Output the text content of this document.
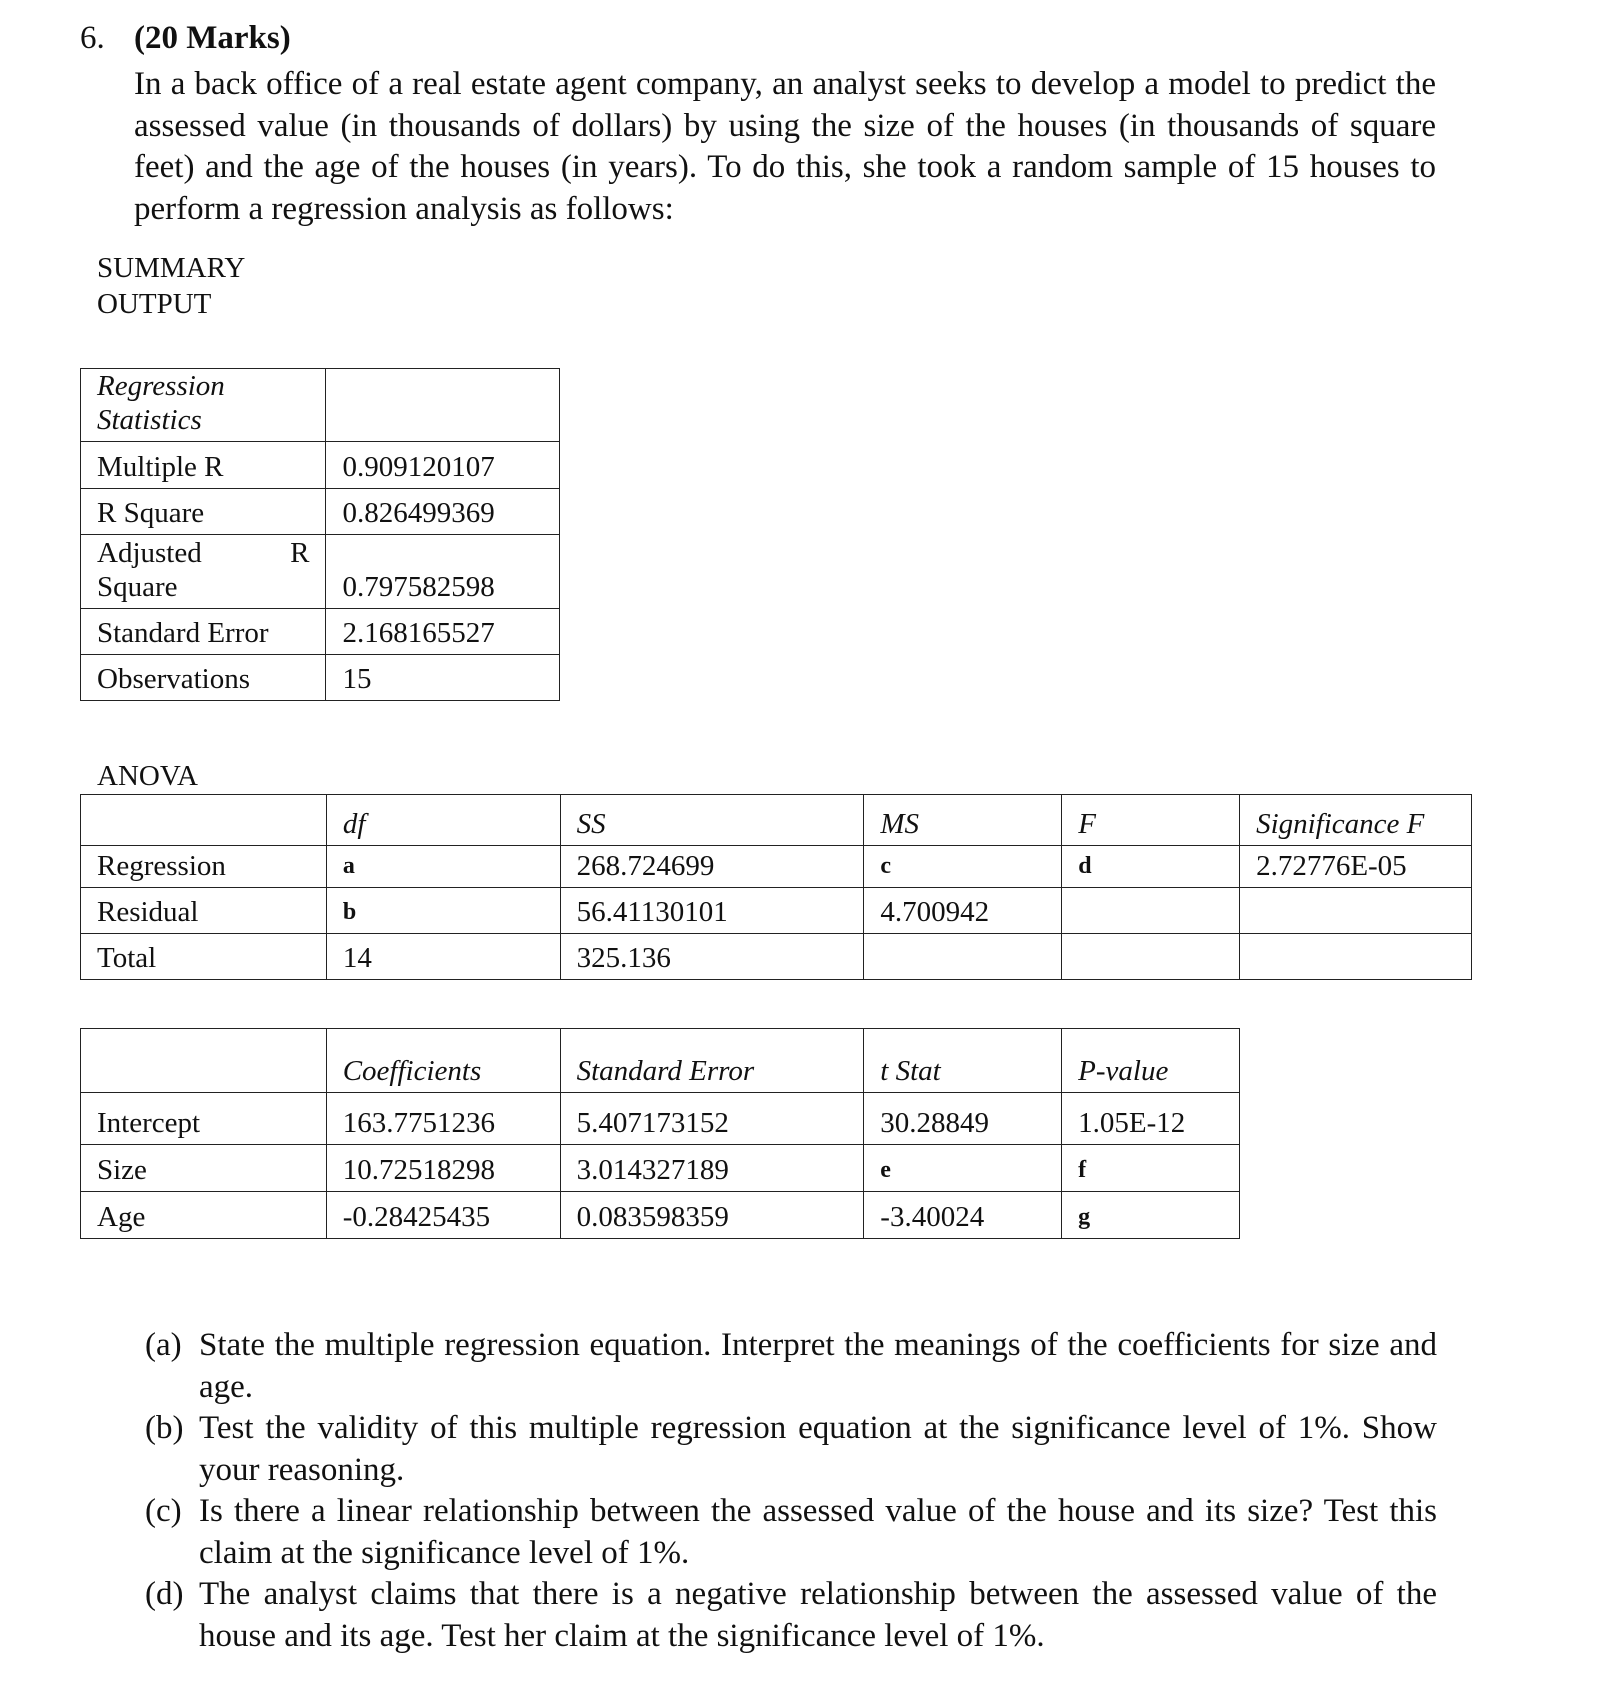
6. (20 Marks)
In a back office of a real estate agent company, an analyst seeks to develop a model to predict the assessed value (in thousands of dollars) by using the size of the houses (in thousands of square feet) and the age of the houses (in years). To do this, she took a random sample of 15 houses to perform a regression analysis as follows:
SUMMARY
OUTPUT
Regression
Statistics	

Multiple R	0.909120107
R Square	0.826499369

Adjusted R
Square	0.797582598
Standard Error	2.168165527
Observations	15
ANOVA
	df	SS	MS	F	Significance F
Regression	a	268.724699	c	d	2.72776E-05
Residual	b	56.41130101	4.700942		
Total	14	325.136			
	Coefficients	Standard Error	t Stat	P-value
Intercept	163.7751236	5.407173152	30.28849	1.05E-12
Size	10.72518298	3.014327189	e	f
Age	-0.28425435	0.083598359	-3.40024	g
(a) State the multiple regression equation. Interpret the meanings of the coefficients for size and age.
(b) Test the validity of this multiple regression equation at the significance level of 1%. Show your reasoning.
(c) Is there a linear relationship between the assessed value of the house and its size? Test this claim at the significance level of 1%.
(d) The analyst claims that there is a negative relationship between the assessed value of the house and its age. Test her claim at the significance level of 1%.
